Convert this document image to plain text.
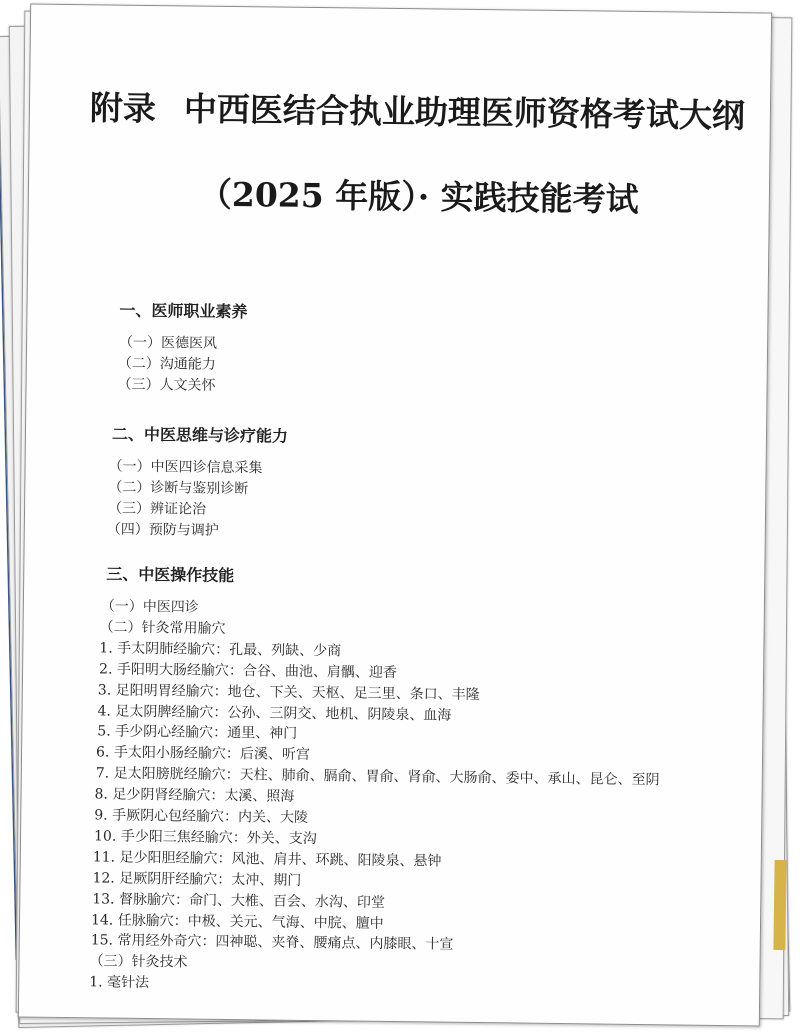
附录 中西医结合执业助理医师资格考试大纲
（2025 年版）· 实践技能考试
一、医师职业素养
（一）医德医风
（二）沟通能力
（三）人文关怀
二、中医思维与诊疗能力
（一）中医四诊信息采集
（二）诊断与鉴别诊断
（三）辨证论治
（四）预防与调护
三、中医操作技能
（一）中医四诊
（二）针灸常用腧穴
1. 手太阴肺经腧穴：孔最、列缺、少商
2. 手阳明大肠经腧穴：合谷、曲池、肩髃、迎香
3. 足阳明胃经腧穴：地仓、下关、天枢、足三里、条口、丰隆
4. 足太阴脾经腧穴：公孙、三阴交、地机、阴陵泉、血海
5. 手少阴心经腧穴：通里、神门
6. 手太阳小肠经腧穴：后溪、听宫
7. 足太阳膀胱经腧穴：天柱、肺俞、膈俞、胃俞、肾俞、大肠俞、委中、承山、昆仑、至阴
8. 足少阴肾经腧穴：太溪、照海
9. 手厥阴心包经腧穴：内关、大陵
10. 手少阳三焦经腧穴：外关、支沟
11. 足少阳胆经腧穴：风池、肩井、环跳、阳陵泉、悬钟
12. 足厥阴肝经腧穴：太冲、期门
13. 督脉腧穴：命门、大椎、百会、水沟、印堂
14. 任脉腧穴：中极、关元、气海、中脘、膻中
15. 常用经外奇穴：四神聪、夹脊、腰痛点、内膝眼、十宣
（三）针灸技术
1. 毫针法
